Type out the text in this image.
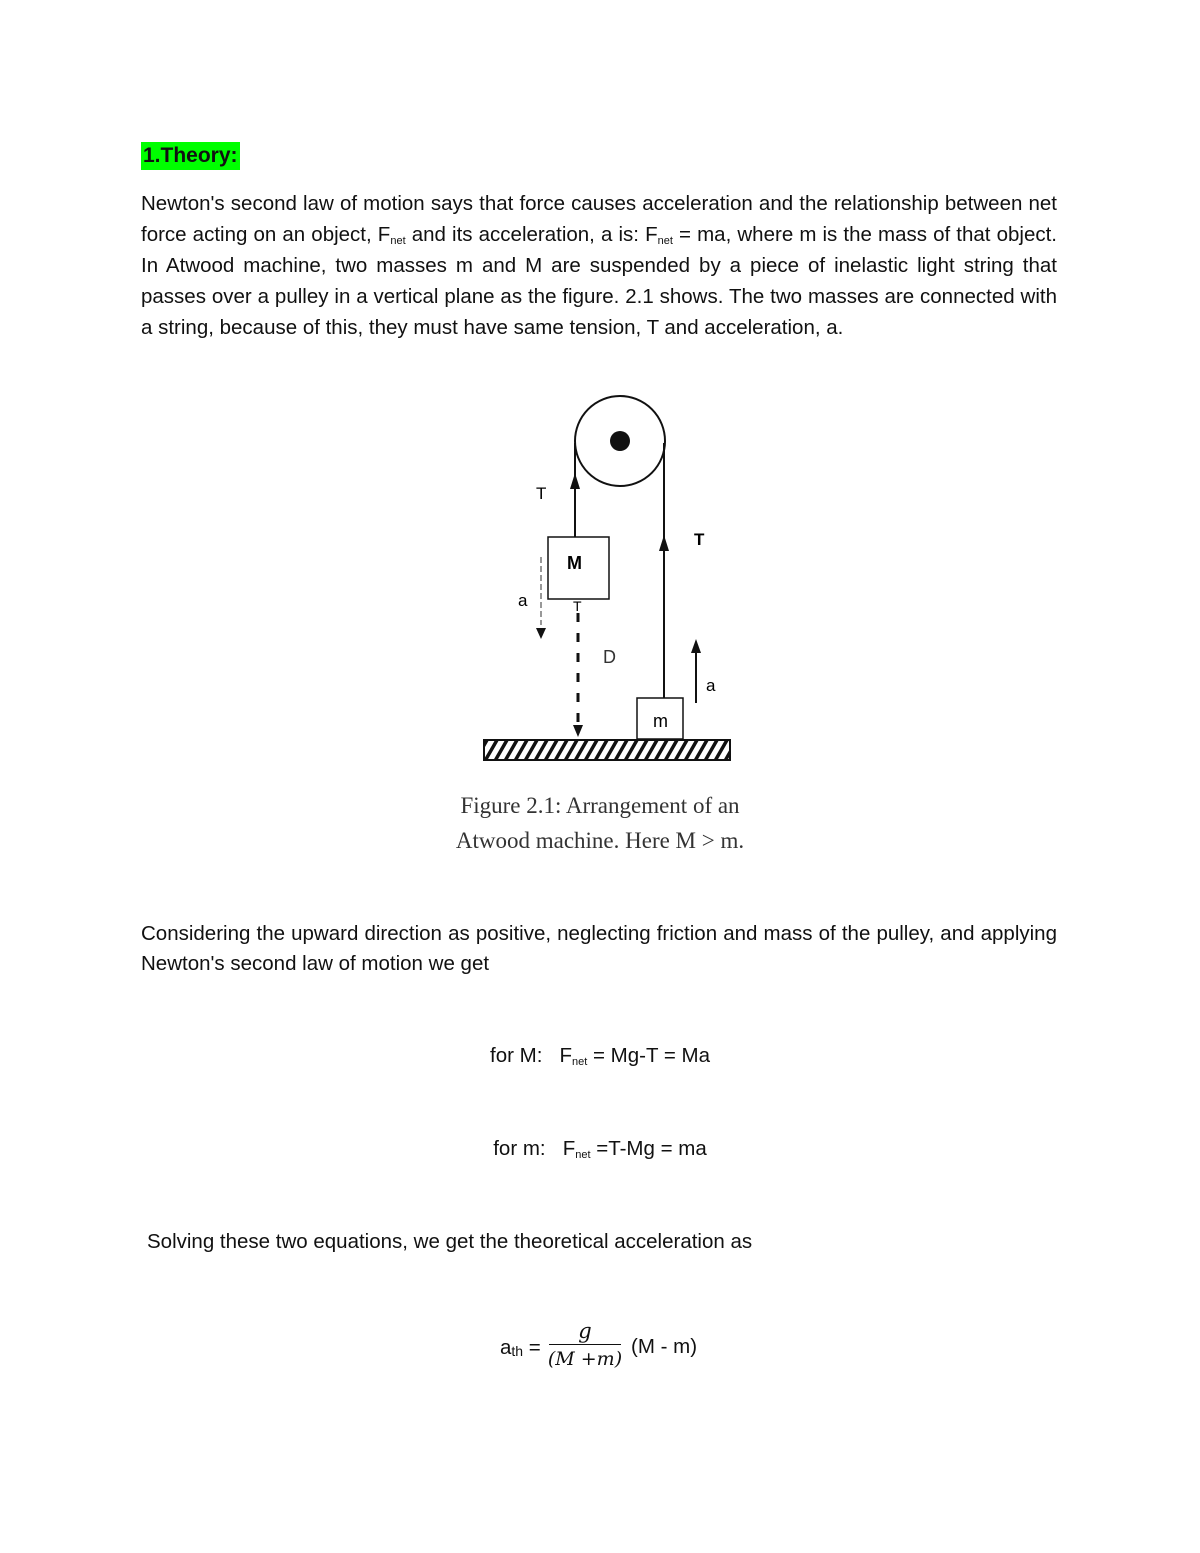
1.Theory:
Newton's second law of motion says that force causes acceleration and the relationship between net force acting on an object, $F_{net}$ and its acceleration, a is: $F_{net}$ = ma, where m is the mass of that object. In Atwood machine, two masses m and M are suspended by a piece of inelastic light string that passes over a pulley in a vertical plane as the figure. 2.1 shows. The two masses are connected with a string, because of this, they must have same tension, T and acceleration, a.
T
T
M
a	T
D
m
a
Figure 2.1: Arrangement of an
Atwood machine. Here M > m.
Considering the upward direction as positive, neglecting friction and mass of the pulley, and applying Newton's second law of motion we get
for M:   $F_{net} = Mg-T = Ma$
for m:   $F_{net} =T-Mg$ = ma
Solving these two equations, we get the theoretical acceleration as
$a_{th}$ =
g
(M +m)
(M - m)
